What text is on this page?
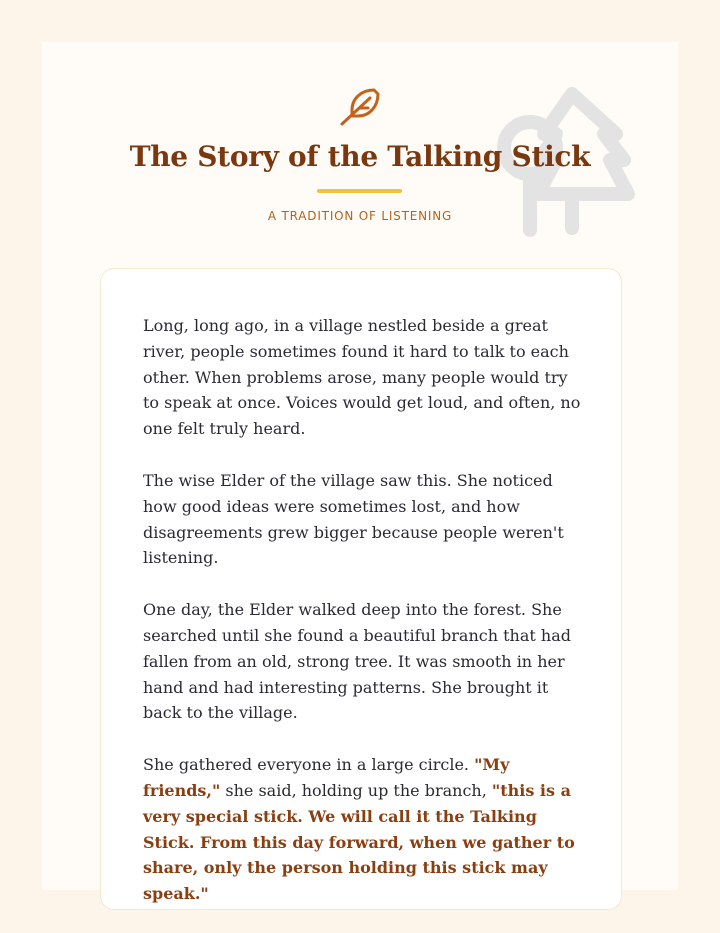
The Story of the Talking Stick
A TRADITION OF LISTENING

Long, long ago, in a village nestled beside a great river, people sometimes found it hard to talk to each other. When problems arose, many people would try to speak at once. Voices would get loud, and often, no one felt truly heard.

The wise Elder of the village saw this. She noticed how good ideas were sometimes lost, and how disagreements grew bigger because people weren't listening.

One day, the Elder walked deep into the forest. She searched until she found a beautiful branch that had fallen from an old, strong tree. It was smooth in her hand and had interesting patterns. She brought it back to the village.

She gathered everyone in a large circle. "My friends," she said, holding up the branch, "this is a very special stick. We will call it the Talking Stick. From this day forward, when we gather to share, only the person holding this stick may speak."
